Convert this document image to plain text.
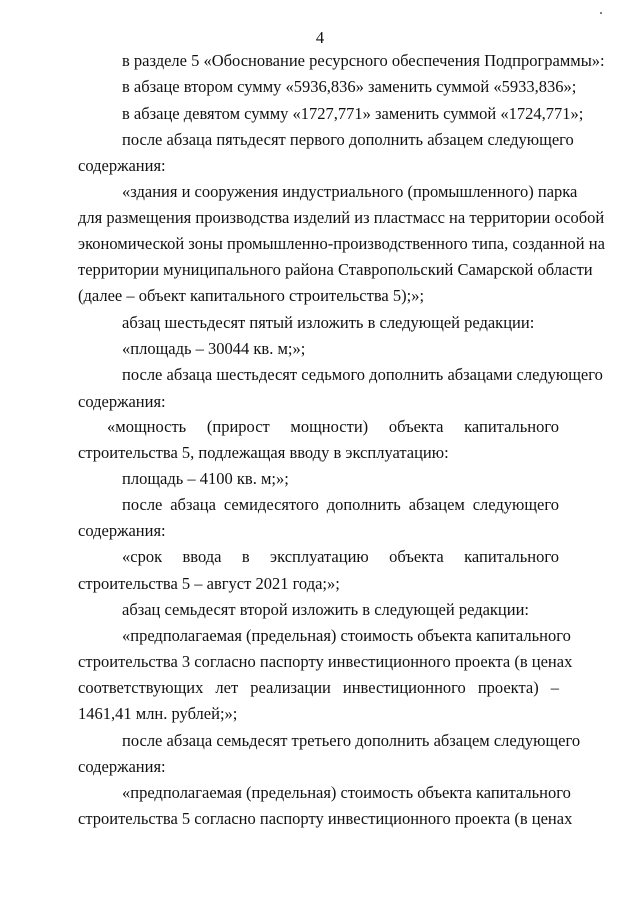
4
в разделе 5 «Обоснование ресурсного обеспечения Подпрограммы»:
в абзаце втором сумму «5936,836» заменить суммой «5933,836»;
в абзаце девятом сумму «1727,771» заменить суммой «1724,771»;
после абзаца пятьдесят первого дополнить абзацем следующего
содержания:
«здания и сооружения индустриального (промышленного) парка
для размещения производства изделий из пластмасс на территории особой
экономической зоны промышленно-производственного типа, созданной на
территории муниципального района Ставропольский Самарской области
(далее – объект капитального строительства 5);»;
абзац шестьдесят пятый изложить в следующей редакции:
«площадь – 30044 кв. м;»;
после абзаца шестьдесят седьмого дополнить абзацами следующего
содержания:
«мощность (прирост мощности) объекта капитального
строительства 5, подлежащая вводу в эксплуатацию:
площадь – 4100 кв. м;»;
после абзаца семидесятого дополнить абзацем следующего
содержания:
«срок ввода в эксплуатацию объекта капитального
строительства 5 – август 2021 года;»;
абзац семьдесят второй изложить в следующей редакции:
«предполагаемая (предельная) стоимость объекта капитального
строительства 3 согласно паспорту инвестиционного проекта (в ценах
соответствующих лет реализации инвестиционного проекта) –
1461,41 млн. рублей;»;
после абзаца семьдесят третьего дополнить абзацем следующего
содержания:
«предполагаемая (предельная) стоимость объекта капитального
строительства 5 согласно паспорту инвестиционного проекта (в ценах
